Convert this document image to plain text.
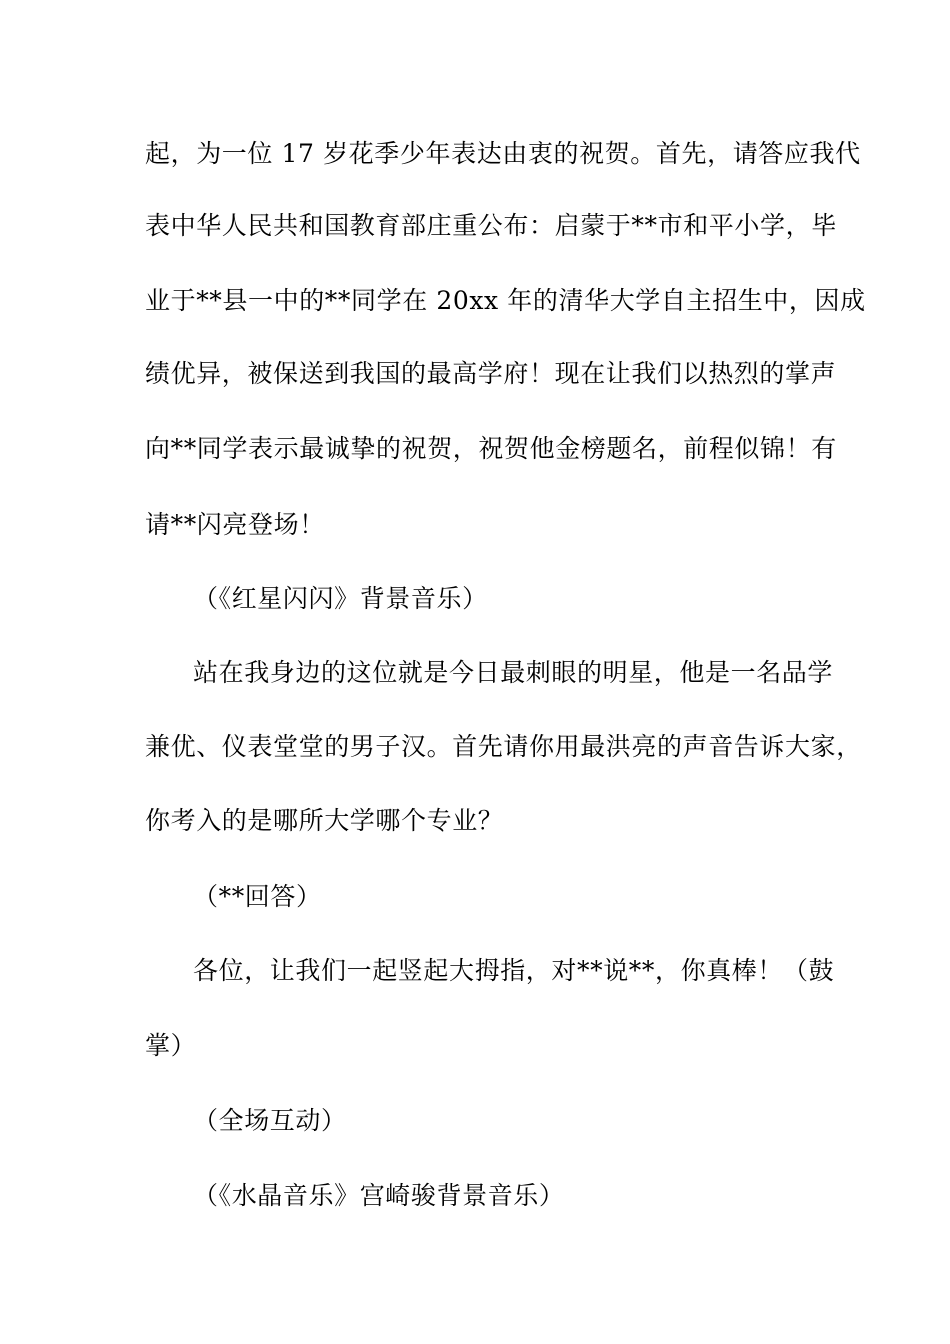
起，为一位 17 岁花季少年表达由衷的祝贺。首先，请答应我代
表中华人民共和国教育部庄重公布：启蒙于**市和平小学，毕
业于**县一中的**同学在 20xx 年的清华大学自主招生中，因成
绩优异，被保送到我国的最高学府！现在让我们以热烈的掌声
向**同学表示最诚挚的祝贺，祝贺他金榜题名，前程似锦！有
请**闪亮登场！
（《红星闪闪》背景音乐）
站在我身边的这位就是今日最刺眼的明星，他是一名品学
兼优、仪表堂堂的男子汉。首先请你用最洪亮的声音告诉大家，
你考入的是哪所大学哪个专业？
（**回答）
各位，让我们一起竖起大拇指，对**说**，你真棒！（鼓
掌）
（全场互动）
（《水晶音乐》宫崎骏背景音乐）
